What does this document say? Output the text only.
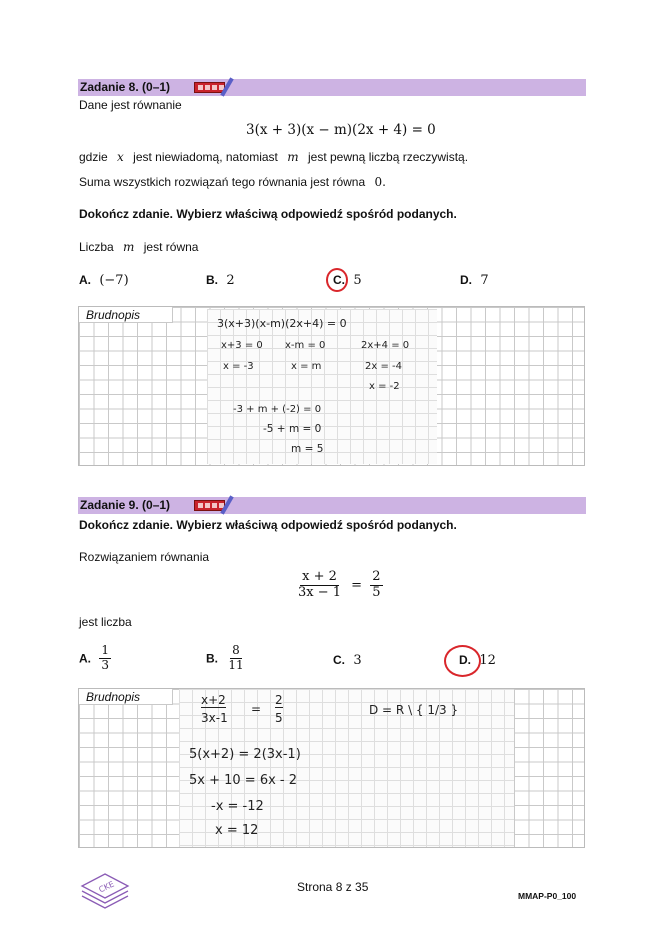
Zadanie 8. (0–1)
Dane jest równanie
3(x + 3)(x − m)(2x + 4) = 0
gdzie x jest niewiadomą, natomiast m jest pewną liczbą rzeczywistą.
Suma wszystkich rozwiązań tego równania jest równa 0.
Dokończ zdanie. Wybierz właściwą odpowiedź spośród podanych.
Liczba m jest równa
A. (−7)	B. 2	C. 5	D. 7
Brudnopis
3(x+3)(x-m)(2x+4) = 0
x+3 = 0 x-m = 0	2x+4 = 0
x = -3	x = m	2x = -4
x = -2
-3 + m + (-2) = 0
-5 + m = 0
m = 5
Zadanie 9. (0–1)
Dokończ zdanie. Wybierz właściwą odpowiedź spośród podanych.
Rozwiązaniem równania
$\frac{x + 2}{3x - 1} = \frac{2}{5}$
jest liczba
A. $\frac{1}{3}$	B. $\frac{8}{11}$	C. 3	D. 12
Brudnopis	x+2
3x-1
=
2
5
D = R \ { 1/3 }
5(x+2) = 2(3x-1)
5x + 10 = 6x - 2
-x = -12
x = 12
CKE	Strona 8 z 35
MMAP-P0_100
